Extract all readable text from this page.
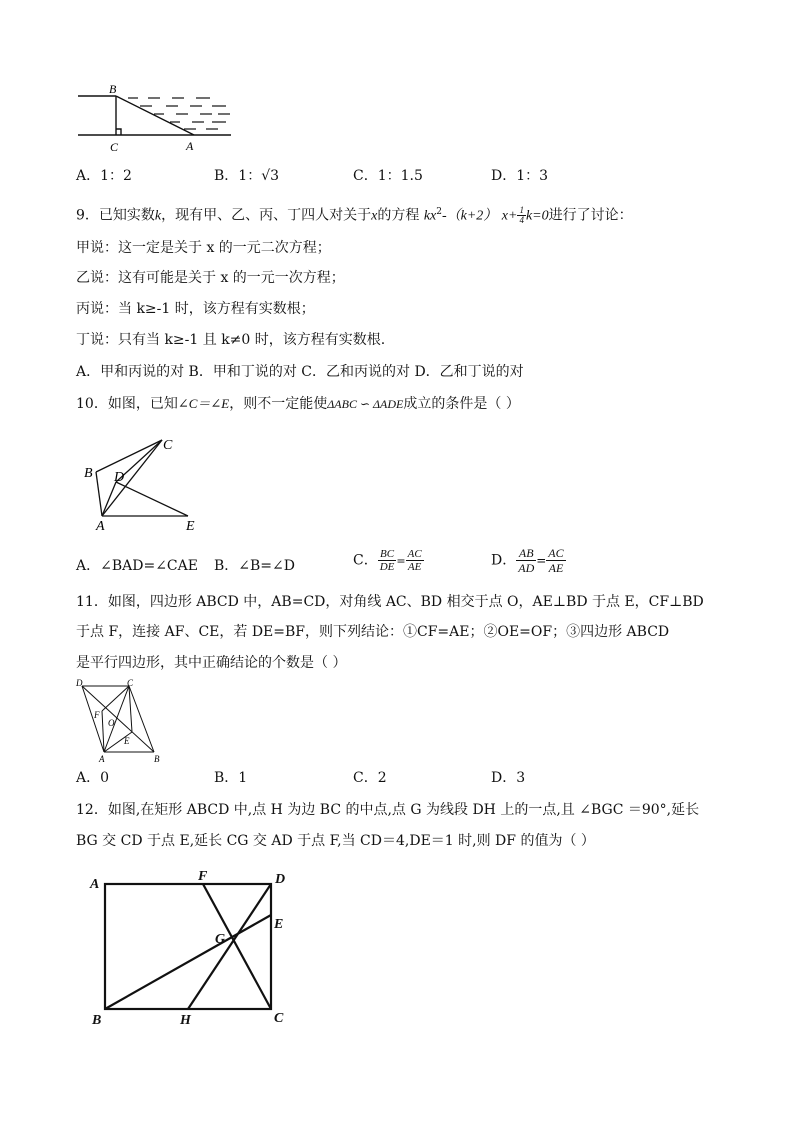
B
C	A
A．1：2	B．1：√3	C．1：1.5	D．1：3
9．已知实数k，现有甲、乙、丙、丁四人对关于x的方程 $kx^2-(k+2)$ $x+ \frac{1}{4} k=0$进行了讨论：
甲说：这一定是关于 x 的一元二次方程；
乙说：这有可能是关于 x 的一元一次方程；
丙说：当 k≥-1 时，该方程有实数根；
丁说：只有当 k≥-1 且 k≠0 时，该方程有实数根.
A．甲和丙说的对 B．甲和丁说的对 C．乙和丙说的对 D．乙和丁说的对
10．如图，已知∠C＝∠E，则不一定能使ΔABC ∽ ΔADE成立的条件是（ ）
C
B D
A	E
A．∠BAD=∠CAE B．∠B=∠D	C． $\frac{BC}{DE} = \frac{AC}{AE}$	D． $\frac{AB}{AD} = \frac{AC}{AE}$
11．如图，四边形 ABCD 中，AB=CD，对角线 AC、BD 相交于点 O，AE⊥BD 于点 E，CF⊥BD
于点 F，连接 AF、CE，若 DE=BF，则下列结论：①CF=AE；②OE=OF；③四边形 ABCD
是平行四边形，其中正确结论的个数是（ ）
D	C
F
O
E
A	B
A．0	B．1	C．2	D．3
12．如图,在矩形 ABCD 中,点 H 为边 BC 的中点,点 G 为线段 DH 上的一点,且 ∠BGC ＝90°,延长
BG 交 CD 于点 E,延长 CG 交 AD 于点 F,当 CD＝4,DE＝1 时,则 DF 的值为（ ）
A
F	D
E
G
B	H	C
